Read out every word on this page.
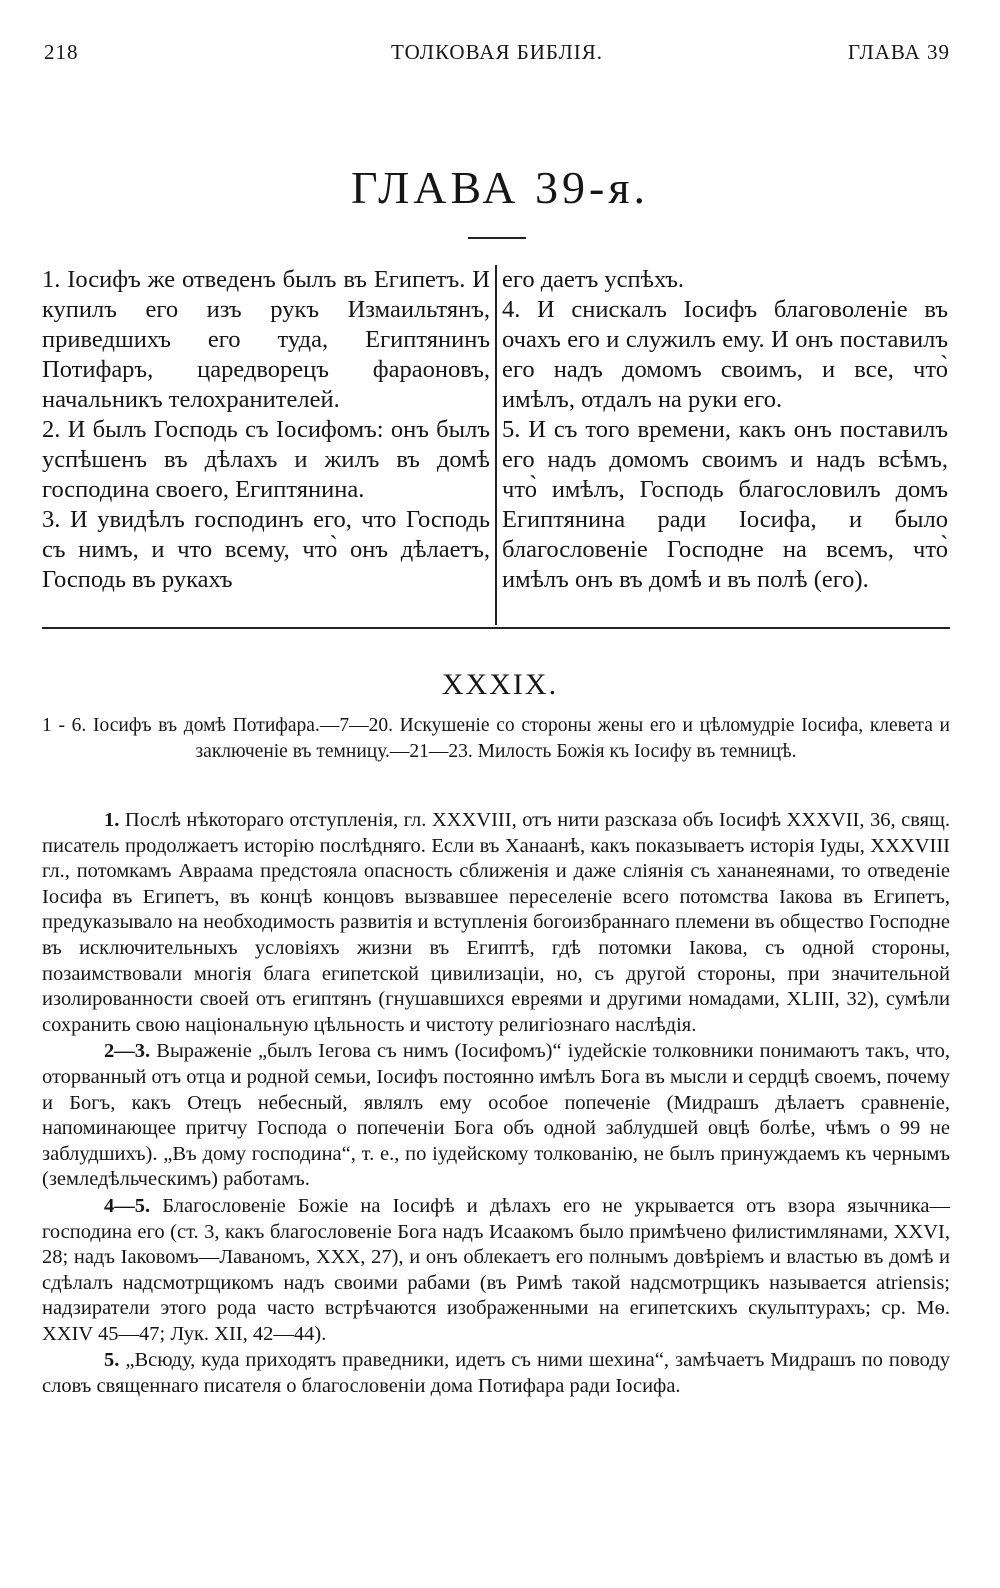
218	ТОЛКОВАЯ БИБЛІЯ.	ГЛАВА 39
ГЛАВА 39-я.

1. Іосифъ же отведенъ былъ въ Египетъ. И купилъ его изъ рукъ Измаильтянъ, приведшихъ его туда, Египтянинъ Потифаръ, царедворецъ фараоновъ, начальникъ телохранителей.

2. И былъ Господь съ Іосифомъ: онъ былъ успѣшенъ въ дѣлахъ и жилъ въ домѣ господина своего, Египтянина.

3. И увидѣлъ господинъ его, что Господь съ нимъ, и что всему, что̀ онъ дѣлаетъ, Господь въ рукахъ

его даетъ успѣхъ.

4. И снискалъ Іосифъ благоволеніе въ очахъ его и служилъ ему. И онъ поставилъ его надъ домомъ своимъ, и все, что̀ имѣлъ, отдалъ на руки его.

5. И съ того времени, какъ онъ поставилъ его надъ домомъ своимъ и надъ всѣмъ, что̀ имѣлъ, Господь благословилъ домъ Египтянина ради Іосифа, и было благословеніе Господне на всемъ, что̀ имѣлъ онъ въ домѣ и въ полѣ (его).

XXXIX.
1 - 6. Іосифъ въ домѣ Потифара.—7—20. Искушеніе со стороны жены его и цѣломудріе Іосифа, клевета и заключеніе въ темницу.—21—23. Милость Божія къ Іосифу въ темницѣ.

1. Послѣ нѣкотораго отступленія, гл. XXXVIII, отъ нити разсказа объ Іосифѣ XXXVII, 36, свящ. писатель продолжаетъ исторію послѣдняго. Если въ Ханаанѣ, какъ показываетъ исторія Іуды, XXXVIII гл., потомкамъ Авраама предстояла опасность сближенія и даже слiянiя съ хананеянами, то отведеніе Іосифа въ Египетъ, въ концѣ концовъ вызвавшее переселеніе всего потомства Іакова въ Египетъ, предуказывало на необходимость развитія и вступленія богоизбраннаго племени въ общество Господне въ исключительныхъ условіяхъ жизни въ Египтѣ, гдѣ потомки Іакова, съ одной стороны, позаимствовали многія блага египетской цивилизаціи, но, съ другой стороны, при значительной изолированности своей отъ египтянъ (гнушавшихся евреями и другими номадами, XLIII, 32), сумѣли сохранить свою національную цѣльность и чистоту религіознаго наслѣдія.

2—3. Выраженіе „былъ Іегова съ нимъ (Іосифомъ)“ іудейскіе толковники понимаютъ такъ, что, оторванный отъ отца и родной семьи, Іосифъ постоянно имѣлъ Бога въ мысли и сердцѣ своемъ, почему и Богъ, какъ Отецъ небесный, являлъ ему особое попеченіе (Мидрашъ дѣлаетъ сравненіе, напоминающее притчу Господа о попеченіи Бога объ одной заблудшей овцѣ болѣе, чѣмъ о 99 не заблудшихъ). „Въ дому господина“, т. е., по іудейскому толкованію, не былъ принуждаемъ къ чернымъ (земледѣльческимъ) работамъ.

4—5. Благословеніе Божіе на Іосифѣ и дѣлахъ его не укрывается отъ взора язычника—господина его (ст. 3, какъ благословеніе Бога надъ Исаакомъ было примѣчено филистимлянами, XXVI, 28; надъ Іаковомъ—Лаваномъ, XXX, 27), и онъ облекаетъ его полнымъ довѣріемъ и властью въ домѣ и сдѣлалъ надсмотрщикомъ надъ своими рабами (въ Римѣ такой надсмотрщикъ называется atriensis; надзиратели этого рода часто встрѣчаются изображенными на египетскихъ скульптурахъ; ср. Мѳ. XXIV 45—47; Лук. XII, 42—44).

5. „Всюду, куда приходятъ праведники, идетъ съ ними шехина“, замѣчаетъ Мидрашъ по поводу словъ священнаго писателя о благословеніи дома Потифара ради Іосифа.
